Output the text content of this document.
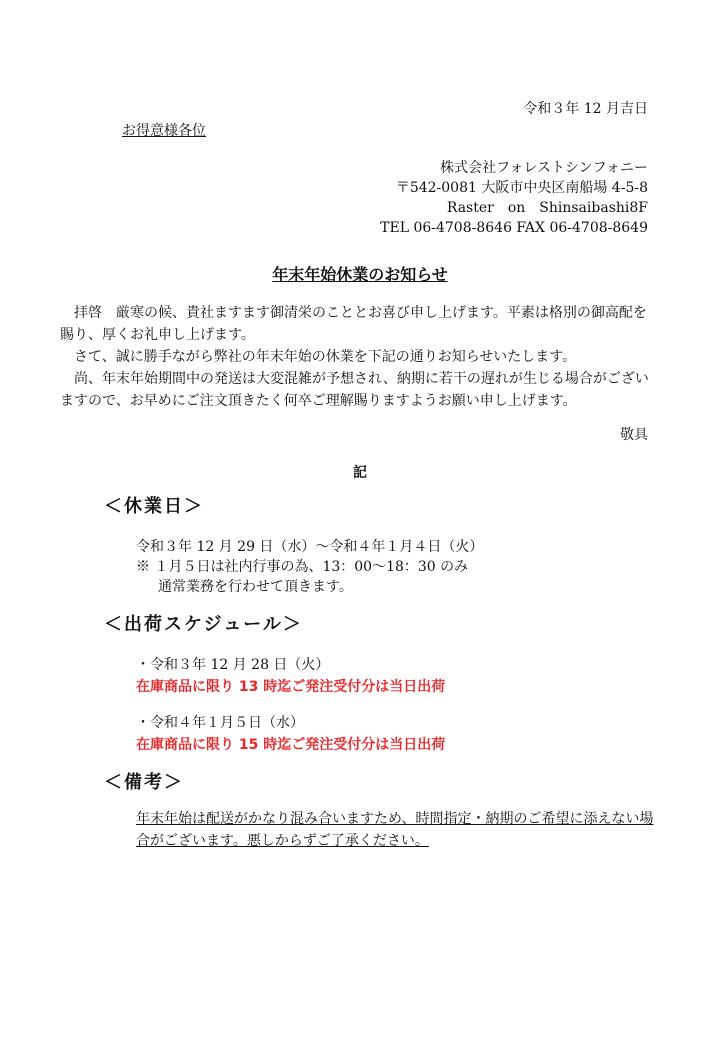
令和３年 12 月吉日
お得意様各位
株式会社フォレストシンフォニー
〒542-0081 大阪市中央区南船場 4-5-8
Raster　on　Shinsaibashi8F
TEL 06-4708-8646 FAX 06-4708-8649
年末年始休業のお知らせ

拝啓　厳寒の候、貴社ますます御清栄のこととお喜び申し上げます。平素は格別の御高配を賜り、厚くお礼申し上げます。

さて、誠に勝手ながら弊社の年末年始の休業を下記の通りお知らせいたします。

尚、年末年始期間中の発送は大変混雑が予想され、納期に若干の遅れが生じる場合がございますので、お早めにご注文頂きたく何卒ご理解賜りますようお願い申し上げます。

敬具
記
＜休業日＞
令和３年 12 月 29 日（水）〜令和４年１月４日（火）
※ １月５日は社内行事の為、13：00〜18：30 のみ
通常業務を行わせて頂きます。
＜出荷スケジュール＞
・令和３年 12 月 28 日（火）
在庫商品に限り 13 時迄ご発注受付分は当日出荷
・令和４年１月５日（水）
在庫商品に限り 15 時迄ご発注受付分は当日出荷
＜備考＞
年末年始は配送がかなり混み合いますため、時間指定・納期のご希望に添えない場合がございます。悪しからずご了承ください。
